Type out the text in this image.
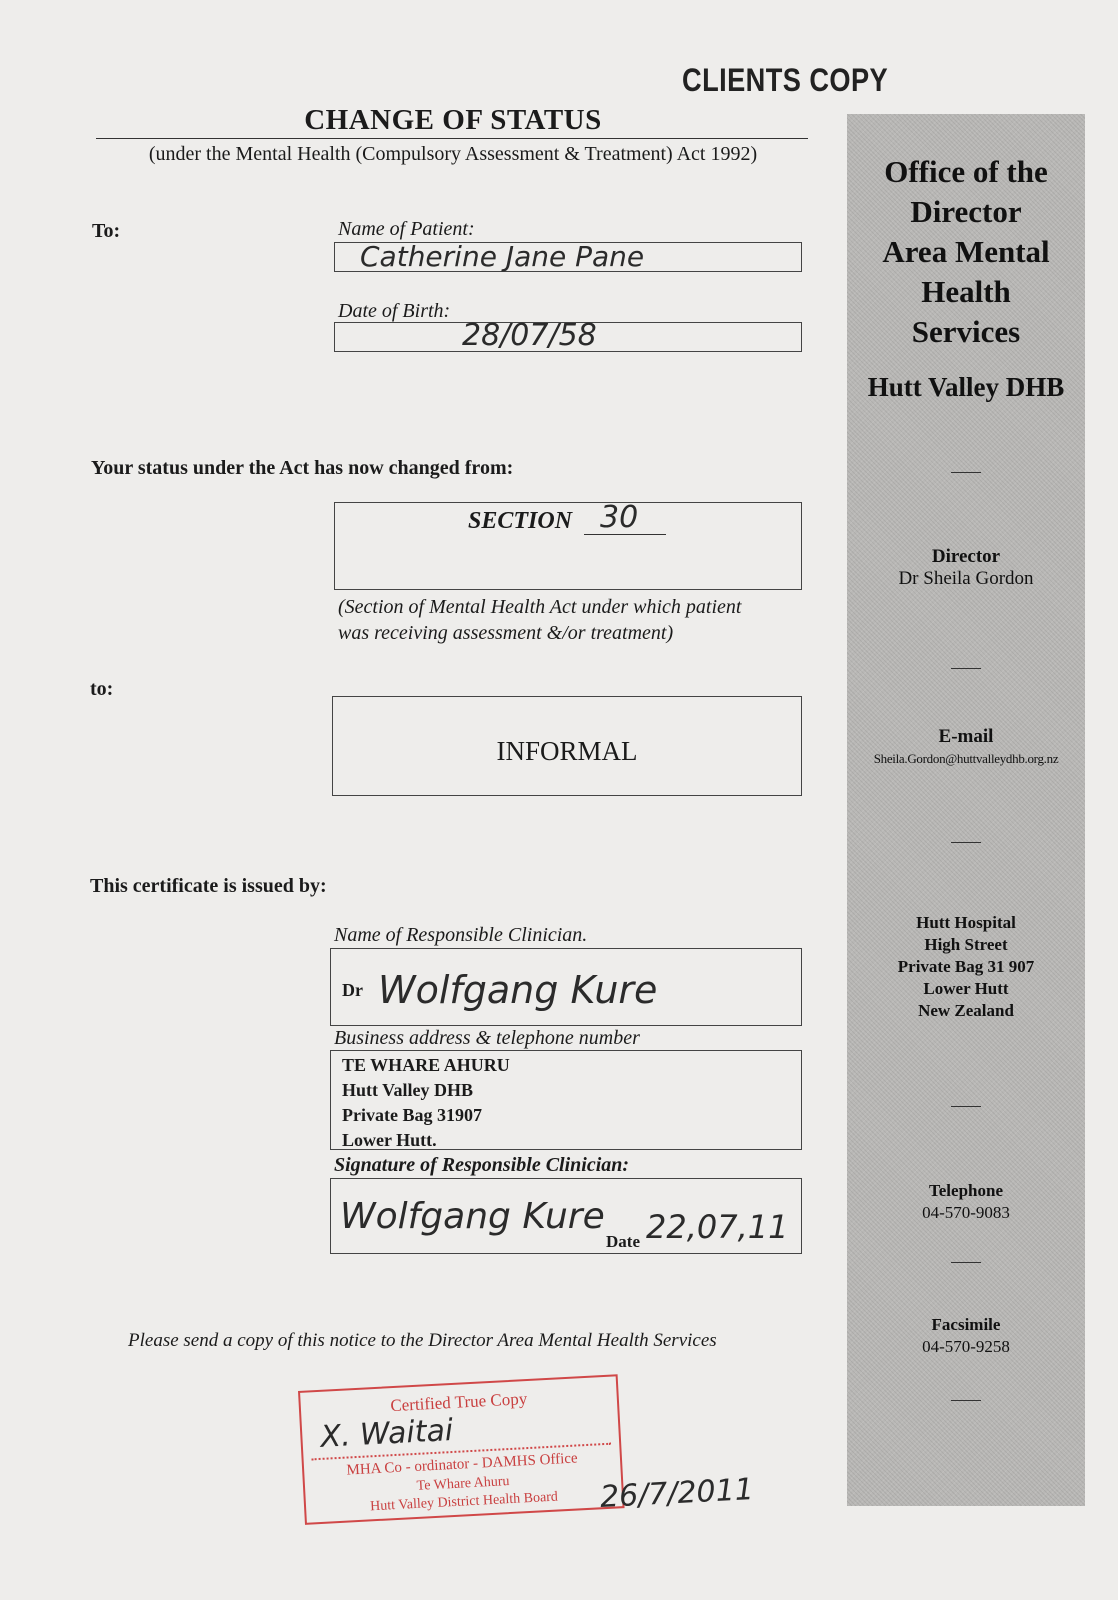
CLIENTS COPY
CHANGE OF STATUS
(under the Mental Health (Compulsory Assessment & Treatment) Act 1992)
To:	Name of Patient:
Catherine Jane Pane
Date of Birth:
28/07/58
Your status under the Act has now changed from:
SECTION 30
(Section of Mental Health Act under which patient
was receiving assessment &/or treatment)
to:
INFORMAL
This certificate is issued by:
Name of Responsible Clinician.
Dr Wolfgang Kure
Business address & telephone number
TE WHARE AHURU
Hutt Valley DHB
Private Bag 31907
Lower Hutt.
Signature of Responsible Clinician:
Wolfgang Kure
Date 22,07,11
Please send a copy of this notice to the Director Area Mental Health Services
Certified True Copy
X. Waitai
MHA Co - ordinator - DAMHS Office
Te Whare Ahuru
Hutt Valley District Health Board	26/7/2011
Office of the
Director
Area Mental
Health
Services
Hutt Valley DHB
Director
Dr Sheila Gordon
E-mail
Sheila.Gordon@huttvalleydhb.org.nz
Hutt Hospital
High Street
Private Bag 31 907
Lower Hutt
New Zealand
Telephone
04-570-9083
Facsimile
04-570-9258
